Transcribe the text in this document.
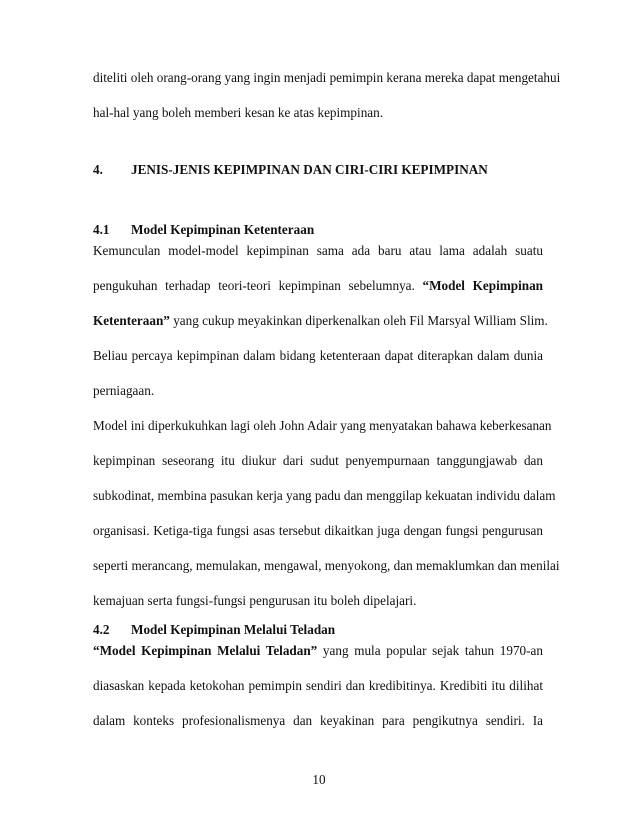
diteliti oleh orang-orang yang ingin menjadi pemimpin kerana mereka dapat mengetahui
hal-hal yang boleh memberi kesan ke atas kepimpinan.
4. JENIS-JENIS KEPIMPINAN DAN CIRI-CIRI KEPIMPINAN
4.1 Model Kepimpinan Ketenteraan
Kemunculan model-model kepimpinan sama ada baru atau lama adalah suatu
pengukuhan terhadap teori-teori kepimpinan sebelumnya. “Model Kepimpinan
Ketenteraan” yang cukup meyakinkan diperkenalkan oleh Fil Marsyal William Slim.
Beliau percaya kepimpinan dalam bidang ketenteraan dapat diterapkan dalam dunia
perniagaan.
Model ini diperkukuhkan lagi oleh John Adair yang menyatakan bahawa keberkesanan
kepimpinan seseorang itu diukur dari sudut penyempurnaan tanggungjawab dan
subkodinat, membina pasukan kerja yang padu dan menggilap kekuatan individu dalam
organisasi. Ketiga-tiga fungsi asas tersebut dikaitkan juga dengan fungsi pengurusan
seperti merancang, memulakan, mengawal, menyokong, dan memaklumkan dan menilai
kemajuan serta fungsi-fungsi pengurusan itu boleh dipelajari.
4.2 Model Kepimpinan Melalui Teladan
“Model Kepimpinan Melalui Teladan” yang mula popular sejak tahun 1970-an
diasaskan kepada ketokohan pemimpin sendiri dan kredibitinya. Kredibiti itu dilihat
dalam konteks profesionalismenya dan keyakinan para pengikutnya sendiri. Ia
10
